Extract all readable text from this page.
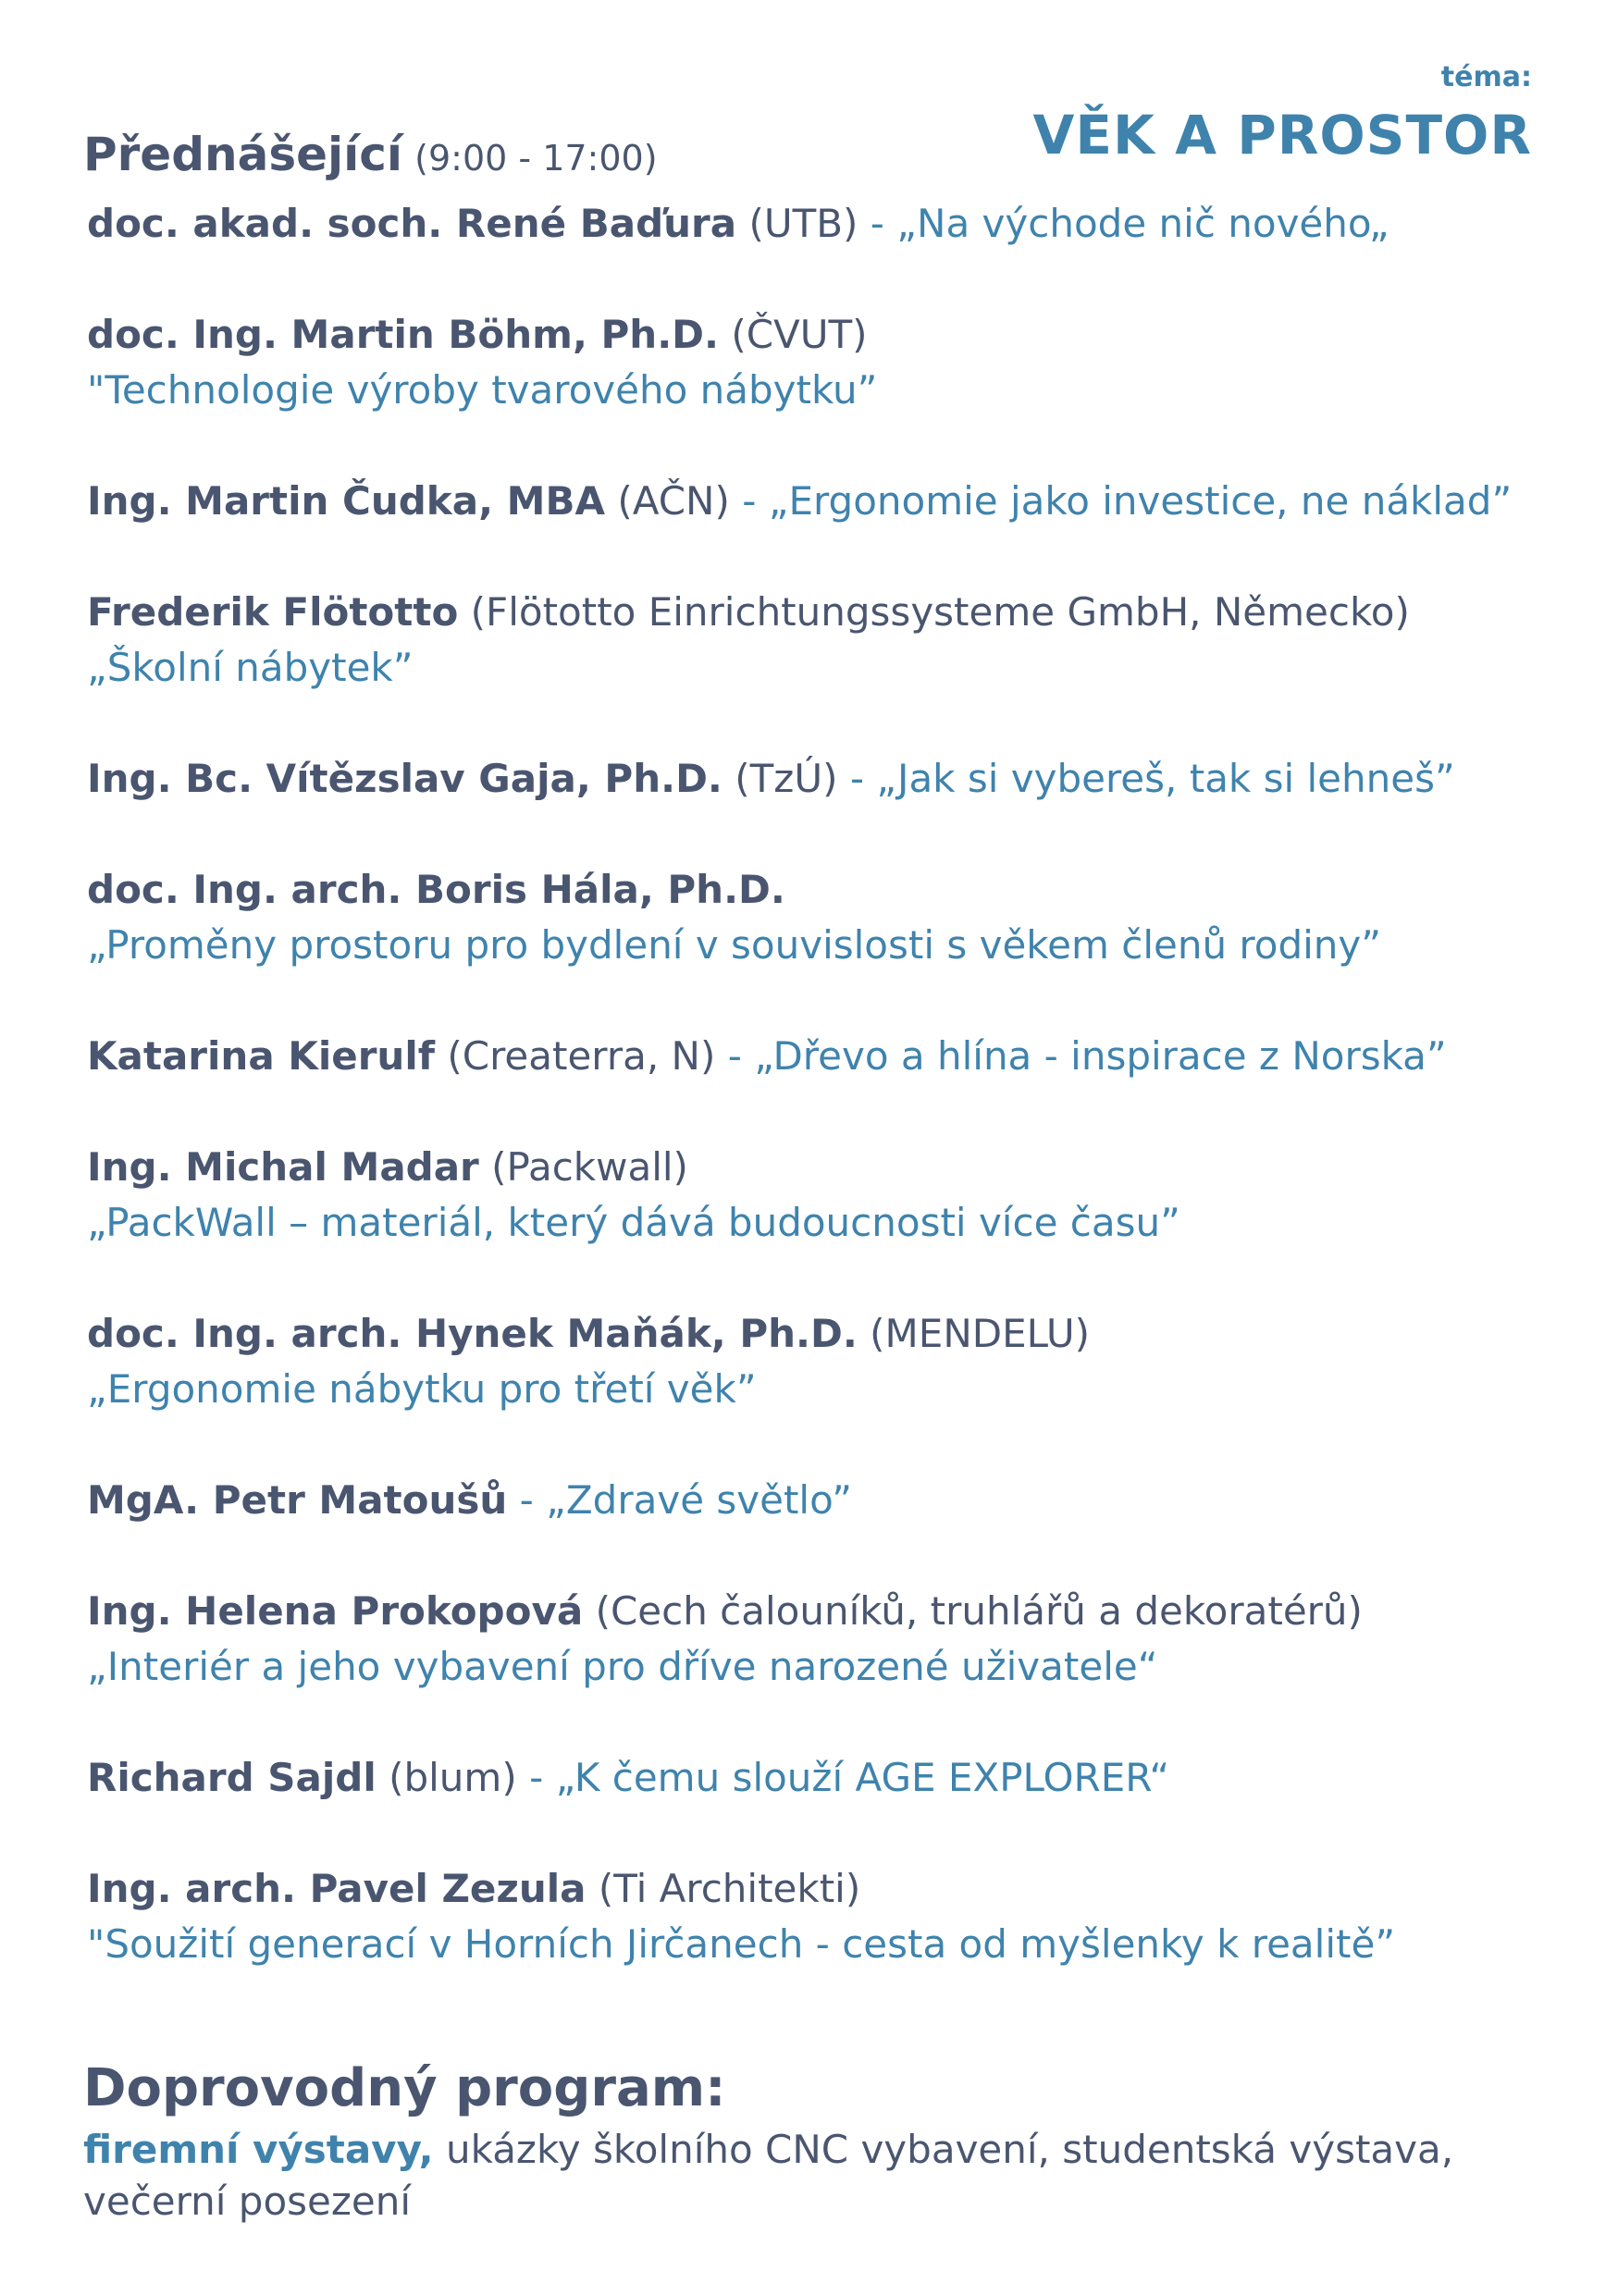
téma:
VĚK A PROSTOR
Přednášející (9:00 - 17:00)
doc. akad. soch. René Baďura (UTB) - „Na východe nič nového„
doc. Ing. Martin Böhm, Ph.D. (ČVUT)
"Technologie výroby tvarového nábytku”
Ing. Martin Čudka, MBA (AČN) - „Ergonomie jako investice, ne náklad”
Frederik Flötotto (Flötotto Einrichtungssysteme GmbH, Německo)
„Školní nábytek”
Ing. Bc. Vítězslav Gaja, Ph.D. (TzÚ) - „Jak si vybereš, tak si lehneš”
doc. Ing. arch. Boris Hála, Ph.D.
„Proměny prostoru pro bydlení v souvislosti s věkem členů rodiny”
Katarina Kierulf (Createrra, N) - „Dřevo a hlína - inspirace z Norska”
Ing. Michal Madar (Packwall)
„PackWall – materiál, který dává budoucnosti více času”
doc. Ing. arch. Hynek Maňák, Ph.D. (MENDELU)
„Ergonomie nábytku pro třetí věk”
MgA. Petr Matoušů - „Zdravé světlo”
Ing. Helena Prokopová (Cech čalouníků, truhlářů a dekoratérů)
„Interiér a jeho vybavení pro dříve narozené uživatele“
Richard Sajdl (blum) - „K čemu slouží AGE EXPLORER“
Ing. arch. Pavel Zezula (Ti Architekti)
"Soužití generací v Horních Jirčanech - cesta od myšlenky k realitě”
Doprovodný program:
firemní výstavy, ukázky školního CNC vybavení, studentská výstava,
večerní posezení
